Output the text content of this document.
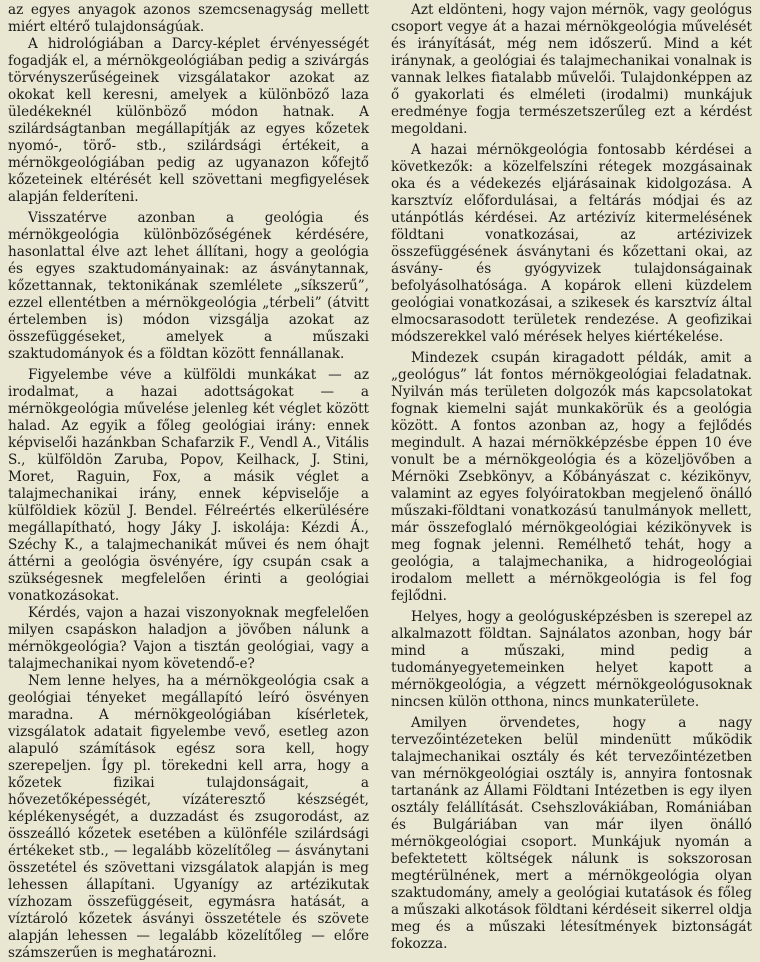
az egyes anyagok azonos szemcsenagyság mellett miért eltérő tulajdonságúak.

A hidrológiában a Darcy-képlet érvényességét fogadják el, a mérnökgeológiában pedig a szivárgás törvényszerűségeinek vizsgálatakor azokat az okokat kell keresni, amelyek a különböző laza üledékeknél különböző módon hatnak. A szilárdságtanban megállapítják az egyes kőzetek nyomó-, törő- stb., szilárdsági értékeit, a mérnökgeológiában pedig az ugyanazon kőfejtő kőzeteinek eltérését kell szövettani megfigyelések alapján felderíteni.

Visszatérve azonban a geológia és mérnökgeológia különbözőségének kérdésére, hasonlattal élve azt lehet állítani, hogy a geológia és egyes szaktudományainak: az ásványtannak, kőzettannak, tektonikának szemlélete „síkszerű”, ezzel ellentétben a mérnökgeológia „térbeli” (átvitt értelemben is) módon vizsgálja azokat az összefüggéseket, amelyek a műszaki szaktudományok és a földtan között fennállanak.

Figyelembe véve a külföldi munkákat — az irodalmat, a hazai adottságokat — a mérnökgeológia művelése jelenleg két véglet között halad. Az egyik a főleg geológiai irány: ennek képviselői hazánkban Schafarzik F., Vendl A., Vitális S., külföldön Zaruba, Popov, Keilhack, J. Stini, Moret, Raguin, Fox, a másik véglet a talajmechanikai irány, ennek képviselője a külföldiek közül J. Bendel. Félreértés elkerülésére megállapítható, hogy Jáky J. iskolája: Kézdi Á., Széchy K., a talajmechanikát művei és nem óhajt áttérni a geológia ösvényére, így csupán csak a szükségesnek megfelelően érinti a geológiai vonatkozásokat.

Kérdés, vajon a hazai viszonyoknak megfelelően milyen csapáskon haladjon a jövőben nálunk a mérnökgeológia? Vajon a tisztán geológiai, vagy a talajmechanikai nyom követendő-e?

Nem lenne helyes, ha a mérnökgeológia csak a geológiai tényeket megállapító leíró ösvényen maradna. A mérnökgeológiában kísérletek, vizsgálatok adatait figyelembe vevő, esetleg azon alapuló számítások egész sora kell, hogy szerepeljen. Így pl. törekedni kell arra, hogy a kőzetek fizikai tulajdonságait, a hővezetőképességét, vízáteresztő készségét, képlékenységét, a duzzadást és zsugorodást, az összeálló kőzetek esetében a különféle szilárdsági értékeket stb., — legalább közelítőleg — ásványtani összetétel és szövettani vizsgálatok alapján is meg lehessen állapítani. Ugyanígy az artézikutak vízhozam összefüggéseit, egymásra hatását, a víztároló kőzetek ásványi összetétele és szövete alapján lehessen — legalább közelítőleg — előre számszerűen is meghatározni.

Azt eldönteni, hogy vajon mérnök, vagy geológus csoport vegye át a hazai mérnökgeológia művelését és irányítását, még nem időszerű. Mind a két iránynak, a geológiai és talajmechanikai vonalnak is vannak lelkes fiatalabb művelői. Tulajdonképpen az ő gyakorlati és elméleti (irodalmi) munkájuk eredménye fogja természetszerűleg ezt a kérdést megoldani.

A hazai mérnökgeológia fontosabb kérdései a következők: a közelfelszíni rétegek mozgásainak oka és a védekezés eljárásainak kidolgozása. A karsztvíz előfordulásai, a feltárás módjai és az utánpótlás kérdései. Az artézivíz kitermelésének földtani vonatkozásai, az artézivizek összefüggésének ásványtani és kőzettani okai, az ásvány- és gyógyvizek tulajdonságainak befolyásolhatósága. A kopárok elleni küzdelem geológiai vonatkozásai, a szikesek és karsztvíz által elmocsarasodott területek rendezése. A geofizikai módszerekkel való mérések helyes kiértékelése.

Mindezek csupán kiragadott példák, amit a „geológus” lát fontos mérnökgeológiai feladatnak. Nyilván más területen dolgozók más kapcsolatokat fognak kiemelni saját munkakörük és a geológia között. A fontos azonban az, hogy a fejlődés megindult. A hazai mérnökképzésbe éppen 10 éve vonult be a mérnökgeológia és a közeljövőben a Mérnöki Zsebkönyv, a Kőbányászat c. kézikönyv, valamint az egyes folyóiratokban megjelenő önálló műszaki-földtani vonatkozású tanulmányok mellett, már összefoglaló mérnökgeológiai kézikönyvek is meg fognak jelenni. Remélhető tehát, hogy a geológia, a talajmechanika, a hidrogeológiai irodalom mellett a mérnökgeológia is fel fog fejlődni.

Helyes, hogy a geológusképzésben is szerepel az alkalmazott földtan. Sajnálatos azonban, hogy bár mind a műszaki, mind pedig a tudományegyetemeinken helyet kapott a mérnökgeológia, a végzett mérnökgeológusoknak nincsen külön otthona, nincs munkaterülete.

Amilyen örvendetes, hogy a nagy tervezőintézeteken belül mindenütt működik talajmechanikai osztály és két tervezőintézetben van mérnökgeológiai osztály is, annyira fontosnak tartanánk az Állami Földtani Intézetben is egy ilyen osztály felállítását. Csehszlovákiában, Romániában és Bulgáriában van már ilyen önálló mérnökgeológiai csoport. Munkájuk nyomán a befektetett költségek nálunk is sokszorosan megtérülnének, mert a mérnökgeológia olyan szaktudomány, amely a geológiai kutatások és főleg a műszaki alkotások földtani kérdéseit sikerrel oldja meg és a műszaki létesítmények biztonságát fokozza.
